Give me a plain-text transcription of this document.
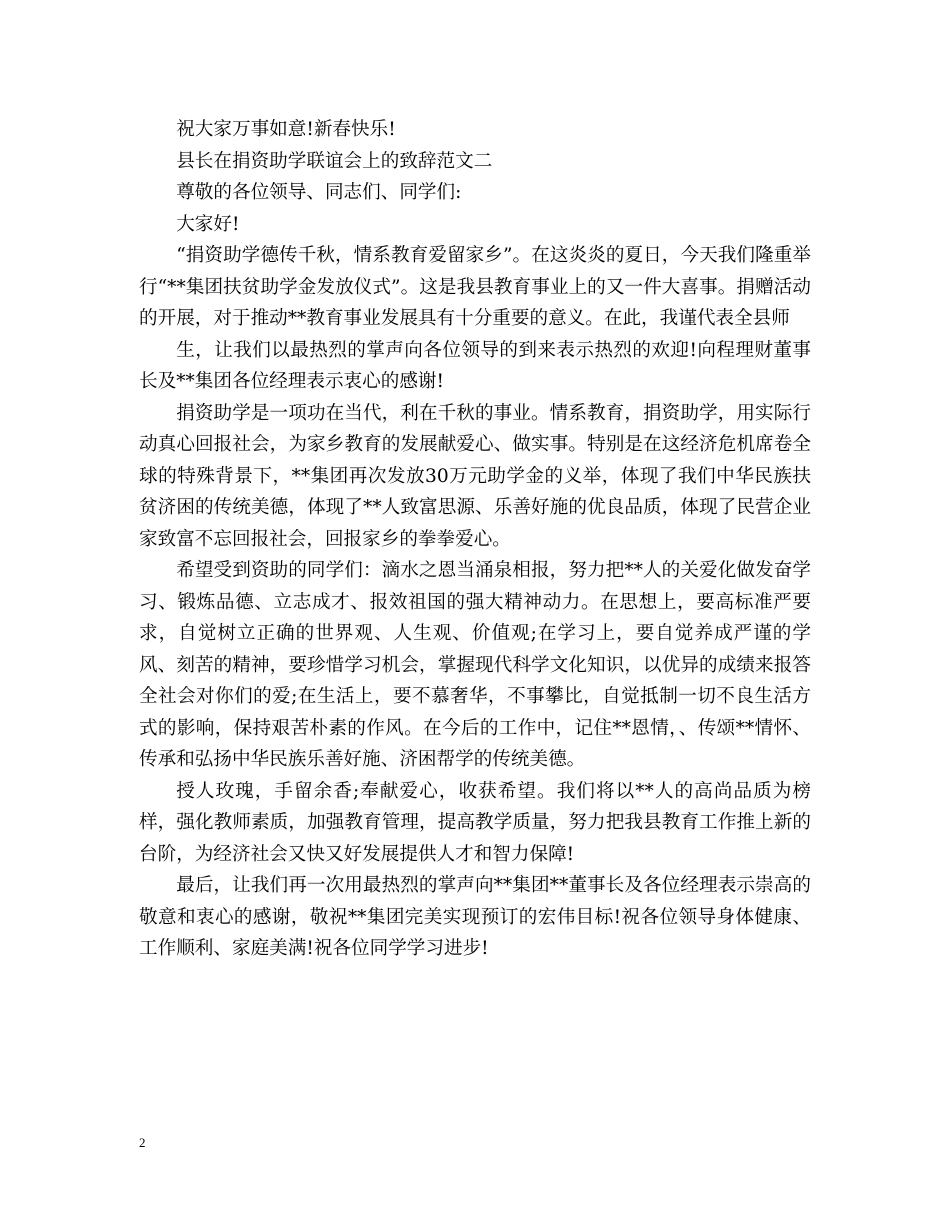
祝大家万事如意!新春快乐!

县长在捐资助学联谊会上的致辞范文二

尊敬的各位领导、同志们、同学们:

大家好!

“捐资助学德传千秋，情系教育爱留家乡”。在这炎炎的夏日，今天我们隆重举行“**集团扶贫助学金发放仪式”。这是我县教育事业上的又一件大喜事。捐赠活动的开展，对于推动**教育事业发展具有十分重要的意义。在此，我谨代表全县师

生，让我们以最热烈的掌声向各位领导的到来表示热烈的欢迎!向程理财董事长及**集团各位经理表示衷心的感谢!

捐资助学是一项功在当代，利在千秋的事业。情系教育，捐资助学，用实际行动真心回报社会，为家乡教育的发展献爱心、做实事。特别是在这经济危机席卷全球的特殊背景下，**集团再次发放30万元助学金的义举，体现了我们中华民族扶贫济困的传统美德，体现了**人致富思源、乐善好施的优良品质，体现了民营企业家致富不忘回报社会，回报家乡的拳拳爱心。

希望受到资助的同学们：滴水之恩当涌泉相报，努力把**人的关爱化做发奋学习、锻炼品德、立志成才、报效祖国的强大精神动力。在思想上，要高标准严要求，自觉树立正确的世界观、人生观、价值观;在学习上，要自觉养成严谨的学风、刻苦的精神，要珍惜学习机会，掌握现代科学文化知识，以优异的成绩来报答全社会对你们的爱;在生活上，要不慕奢华，不事攀比，自觉抵制一切不良生活方式的影响，保持艰苦朴素的作风。在今后的工作中，记住**恩情，、传颂**情怀、传承和弘扬中华民族乐善好施、济困帮学的传统美德。

授人玫瑰，手留余香;奉献爱心，收获希望。我们将以**人的高尚品质为榜样，强化教师素质，加强教育管理，提高教学质量，努力把我县教育工作推上新的台阶，为经济社会又快又好发展提供人才和智力保障!

最后，让我们再一次用最热烈的掌声向**集团**董事长及各位经理表示崇高的敬意和衷心的感谢，敬祝**集团完美实现预订的宏伟目标!祝各位领导身体健康、工作顺利、家庭美满!祝各位同学学习进步!

2
